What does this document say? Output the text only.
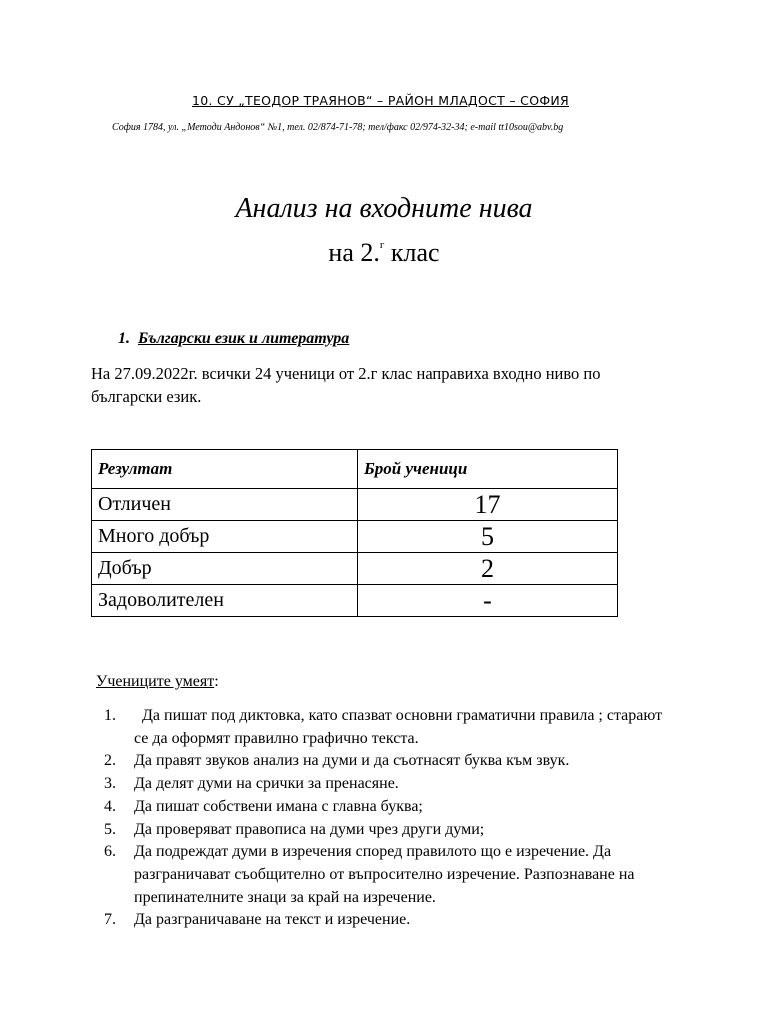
10. СУ „ТЕОДОР ТРАЯНОВ“ – РАЙОН МЛАДОСТ – СОФИЯ
София 1784, ул. „Методи Андонов“ №1, тел. 02/874-71-78; тел/факс 02/974-32-34; e-mail tt10sou@abv.bg
Анализ на входните нива
на 2.$^г$ клас
1. Български език и литература
На 27.09.2022г. всички 24 ученици от 2.г клас направиха входно ниво по български език.
Резултат	Брой ученици
Отличен	17
Много добър	5
Добър	2
Задоволителен	-
Учениците умеят:
1. Да пишат под диктовка, като спазват основни граматични правила ; старают се да оформят правилно графично текста.
2. Да правят звуков анализ на думи и да съотнасят буква към звук.
3. Да делят думи на срички за пренасяне.
4. Да пишат собствени имана с главна буква;
5. Да проверяват правописа на думи чрез други думи;
6. Да подреждат думи в изречения според правилото що е изречение. Да разграничават съобщително от въпросително изречение. Разпознаване на препинателните знаци за край на изречение.
7. Да разграничаване на текст и изречение.
